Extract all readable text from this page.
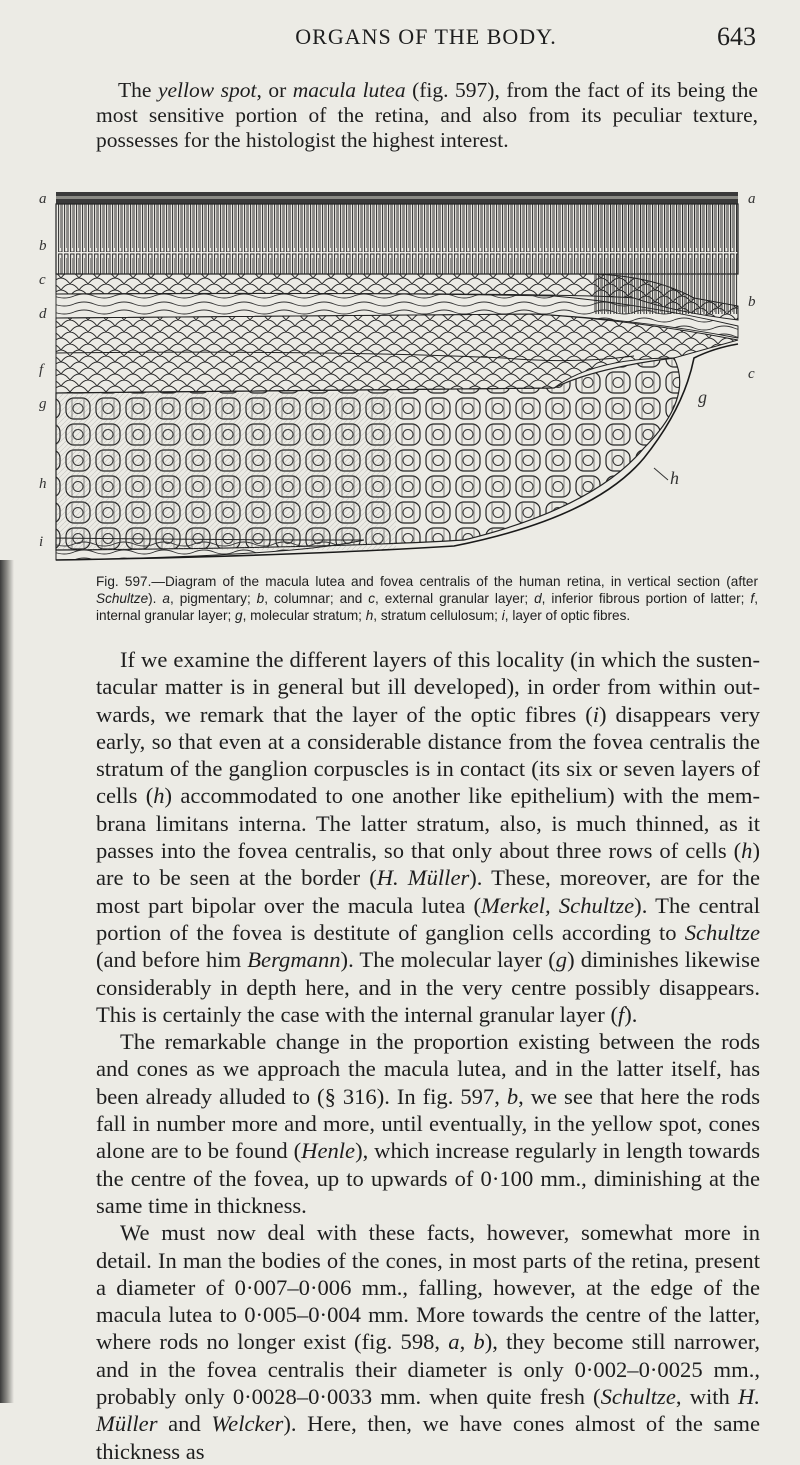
ORGANS OF THE BODY.	643
The yellow spot, or macula lutea (fig. 597), from the fact of its being the most sensitive portion of the retina, and also from its peculiar texture, possesses for the histologist the highest interest.
a
b
c
d
f
g
h
i
a
b
c
g
h
Fig. 597.—Diagram of the macula lutea and fovea centralis of the human retina, in vertical section (after Schultze). a, pigmentary; b, columnar; and c, external granular layer; d, inferior fibrous portion of latter; f, internal granular layer; g, molecular stratum; h, stratum cellulosum; i, layer of optic fibres.

If we examine the different layers of this locality (in which the sustentacular matter is in general but ill developed), in order from within outwards, we remark that the layer of the optic fibres (i) disappears very early, so that even at a considerable distance from the fovea centralis the stratum of the ganglion corpuscles is in contact (its six or seven layers of cells (h) accommodated to one another like epithelium) with the membrana limitans interna. The latter stratum, also, is much thinned, as it passes into the fovea centralis, so that only about three rows of cells (h) are to be seen at the border (H. Müller). These, moreover, are for the most part bipolar over the macula lutea (Merkel, Schultze). The central portion of the fovea is destitute of ganglion cells according to Schultze (and before him Bergmann). The molecular layer (g) diminishes likewise considerably in depth here, and in the very centre possibly disappears. This is certainly the case with the internal granular layer (f).

The remarkable change in the proportion existing between the rods and cones as we approach the macula lutea, and in the latter itself, has been already alluded to (§ 316). In fig. 597, b, we see that here the rods fall in number more and more, until eventually, in the yellow spot, cones alone are to be found (Henle), which increase regularly in length towards the centre of the fovea, up to upwards of 0·100 mm., diminishing at the same time in thickness.

We must now deal with these facts, however, somewhat more in detail. In man the bodies of the cones, in most parts of the retina, present a diameter of 0·007–0·006 mm., falling, however, at the edge of the macula lutea to 0·005–0·004 mm. More towards the centre of the latter, where rods no longer exist (fig. 598, a, b), they become still narrower, and in the fovea centralis their diameter is only 0·002–0·0025 mm., probably only 0·0028–0·0033 mm. when quite fresh (Schultze, with H. Müller and Welcker). Here, then, we have cones almost of the same thickness as
